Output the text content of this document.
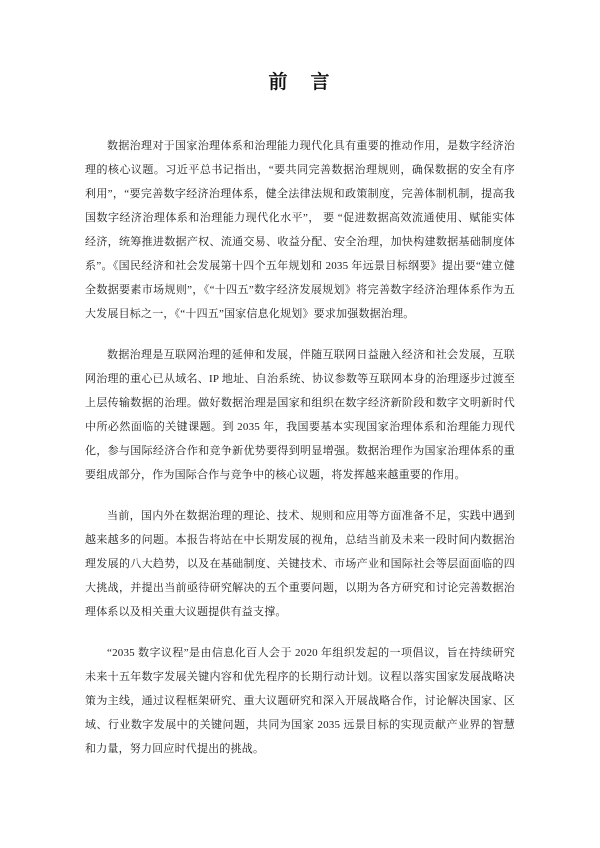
前　言

数据治理对于国家治理体系和治理能力现代化具有重要的推动作用，是数字经济治理的核心议题。习近平总书记指出，“要共同完善数据治理规则，确保数据的安全有序利用”，“要完善数字经济治理体系，健全法律法规和政策制度，完善体制机制，提高我国数字经济治理体系和治理能力现代化水平”， 要 “促进数据高效流通使用、赋能实体经济，统筹推进数据产权、流通交易、收益分配、安全治理，加快构建数据基础制度体系”。《国民经济和社会发展第十四个五年规划和 2035 年远景目标纲要》提出要“建立健全数据要素市场规则”，《“十四五”数字经济发展规划》将完善数字经济治理体系作为五大发展目标之一，《“十四五”国家信息化规划》要求加强数据治理。

数据治理是互联网治理的延伸和发展，伴随互联网日益融入经济和社会发展，互联网治理的重心已从域名、IP 地址、自治系统、协议参数等互联网本身的治理逐步过渡至上层传输数据的治理。做好数据治理是国家和组织在数字经济新阶段和数字文明新时代中所必然面临的关键课题。到 2035 年，我国要基本实现国家治理体系和治理能力现代化，参与国际经济合作和竞争新优势要得到明显增强。数据治理作为国家治理体系的重要组成部分，作为国际合作与竞争中的核心议题，将发挥越来越重要的作用。

当前，国内外在数据治理的理论、技术、规则和应用等方面准备不足，实践中遇到越来越多的问题。本报告将站在中长期发展的视角，总结当前及未来一段时间内数据治理发展的八大趋势，以及在基础制度、关键技术、市场产业和国际社会等层面面临的四大挑战，并提出当前亟待研究解决的五个重要问题，以期为各方研究和讨论完善数据治理体系以及相关重大议题提供有益支撑。

“2035 数字议程”是由信息化百人会于 2020 年组织发起的一项倡议，旨在持续研究未来十五年数字发展关键内容和优先程序的长期行动计划。议程以落实国家发展战略决策为主线，通过议程框架研究、重大议题研究和深入开展战略合作，讨论解决国家、区域、行业数字发展中的关键问题，共同为国家 2035 远景目标的实现贡献产业界的智慧和力量，努力回应时代提出的挑战。
